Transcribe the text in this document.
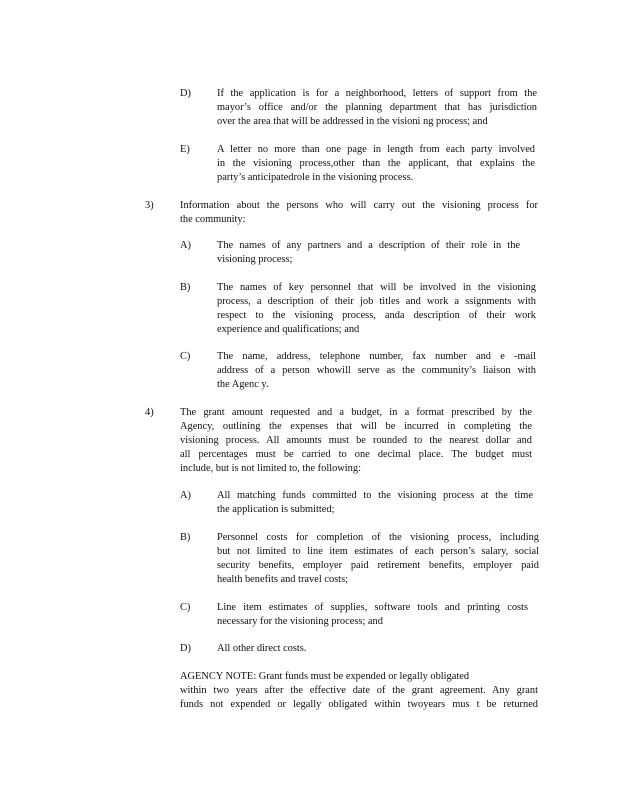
D)	If the application is for a neighborhood, letters of support from the
mayor’s office and/or the planning department that has jurisdiction
over the area that will be addressed in the visioni ng process; and
E)	A letter no more than one page in length from each party involved
in the visioning process,other than the applicant, that explains the
party’s anticipatedrole in the visioning process.
3)	Information about the persons who will carry out the visioning process for
the community:
A)	The names of any partners and a description of their role in the
visioning process;
B)	The names of key personnel that will be involved in the visioning
process, a description of their job titles and work a ssignments with
respect to the visioning process, anda description of their work
experience and qualifications; and
C)	The name, address, telephone number, fax number and e -mail
address of a person whowill serve as the community’s liaison with
the Agenc y.
4)	The grant amount requested and a budget, in a format prescribed by the
Agency, outlining the expenses that will be incurred in completing the
visioning process. All amounts must be rounded to the nearest dollar and
all percentages must be carried to one decimal place. The budget must
include, but is not limited to, the following:
A)	All matching funds committed to the visioning process at the time
the application is submitted;
B)	Personnel costs for completion of the visioning process, including
but not limited to line item estimates of each person’s salary, social
security benefits, employer paid retirement benefits, employer paid
health benefits and travel costs;
C)	Line item estimates of supplies, software tools and printing costs
necessary for the visioning process; and
D)	All other direct costs.
AGENCY NOTE: Grant funds must be expended or legally obligated
within two years after the effective date of the grant agreement. Any grant
funds not expended or legally obligated within twoyears mus t be returned
